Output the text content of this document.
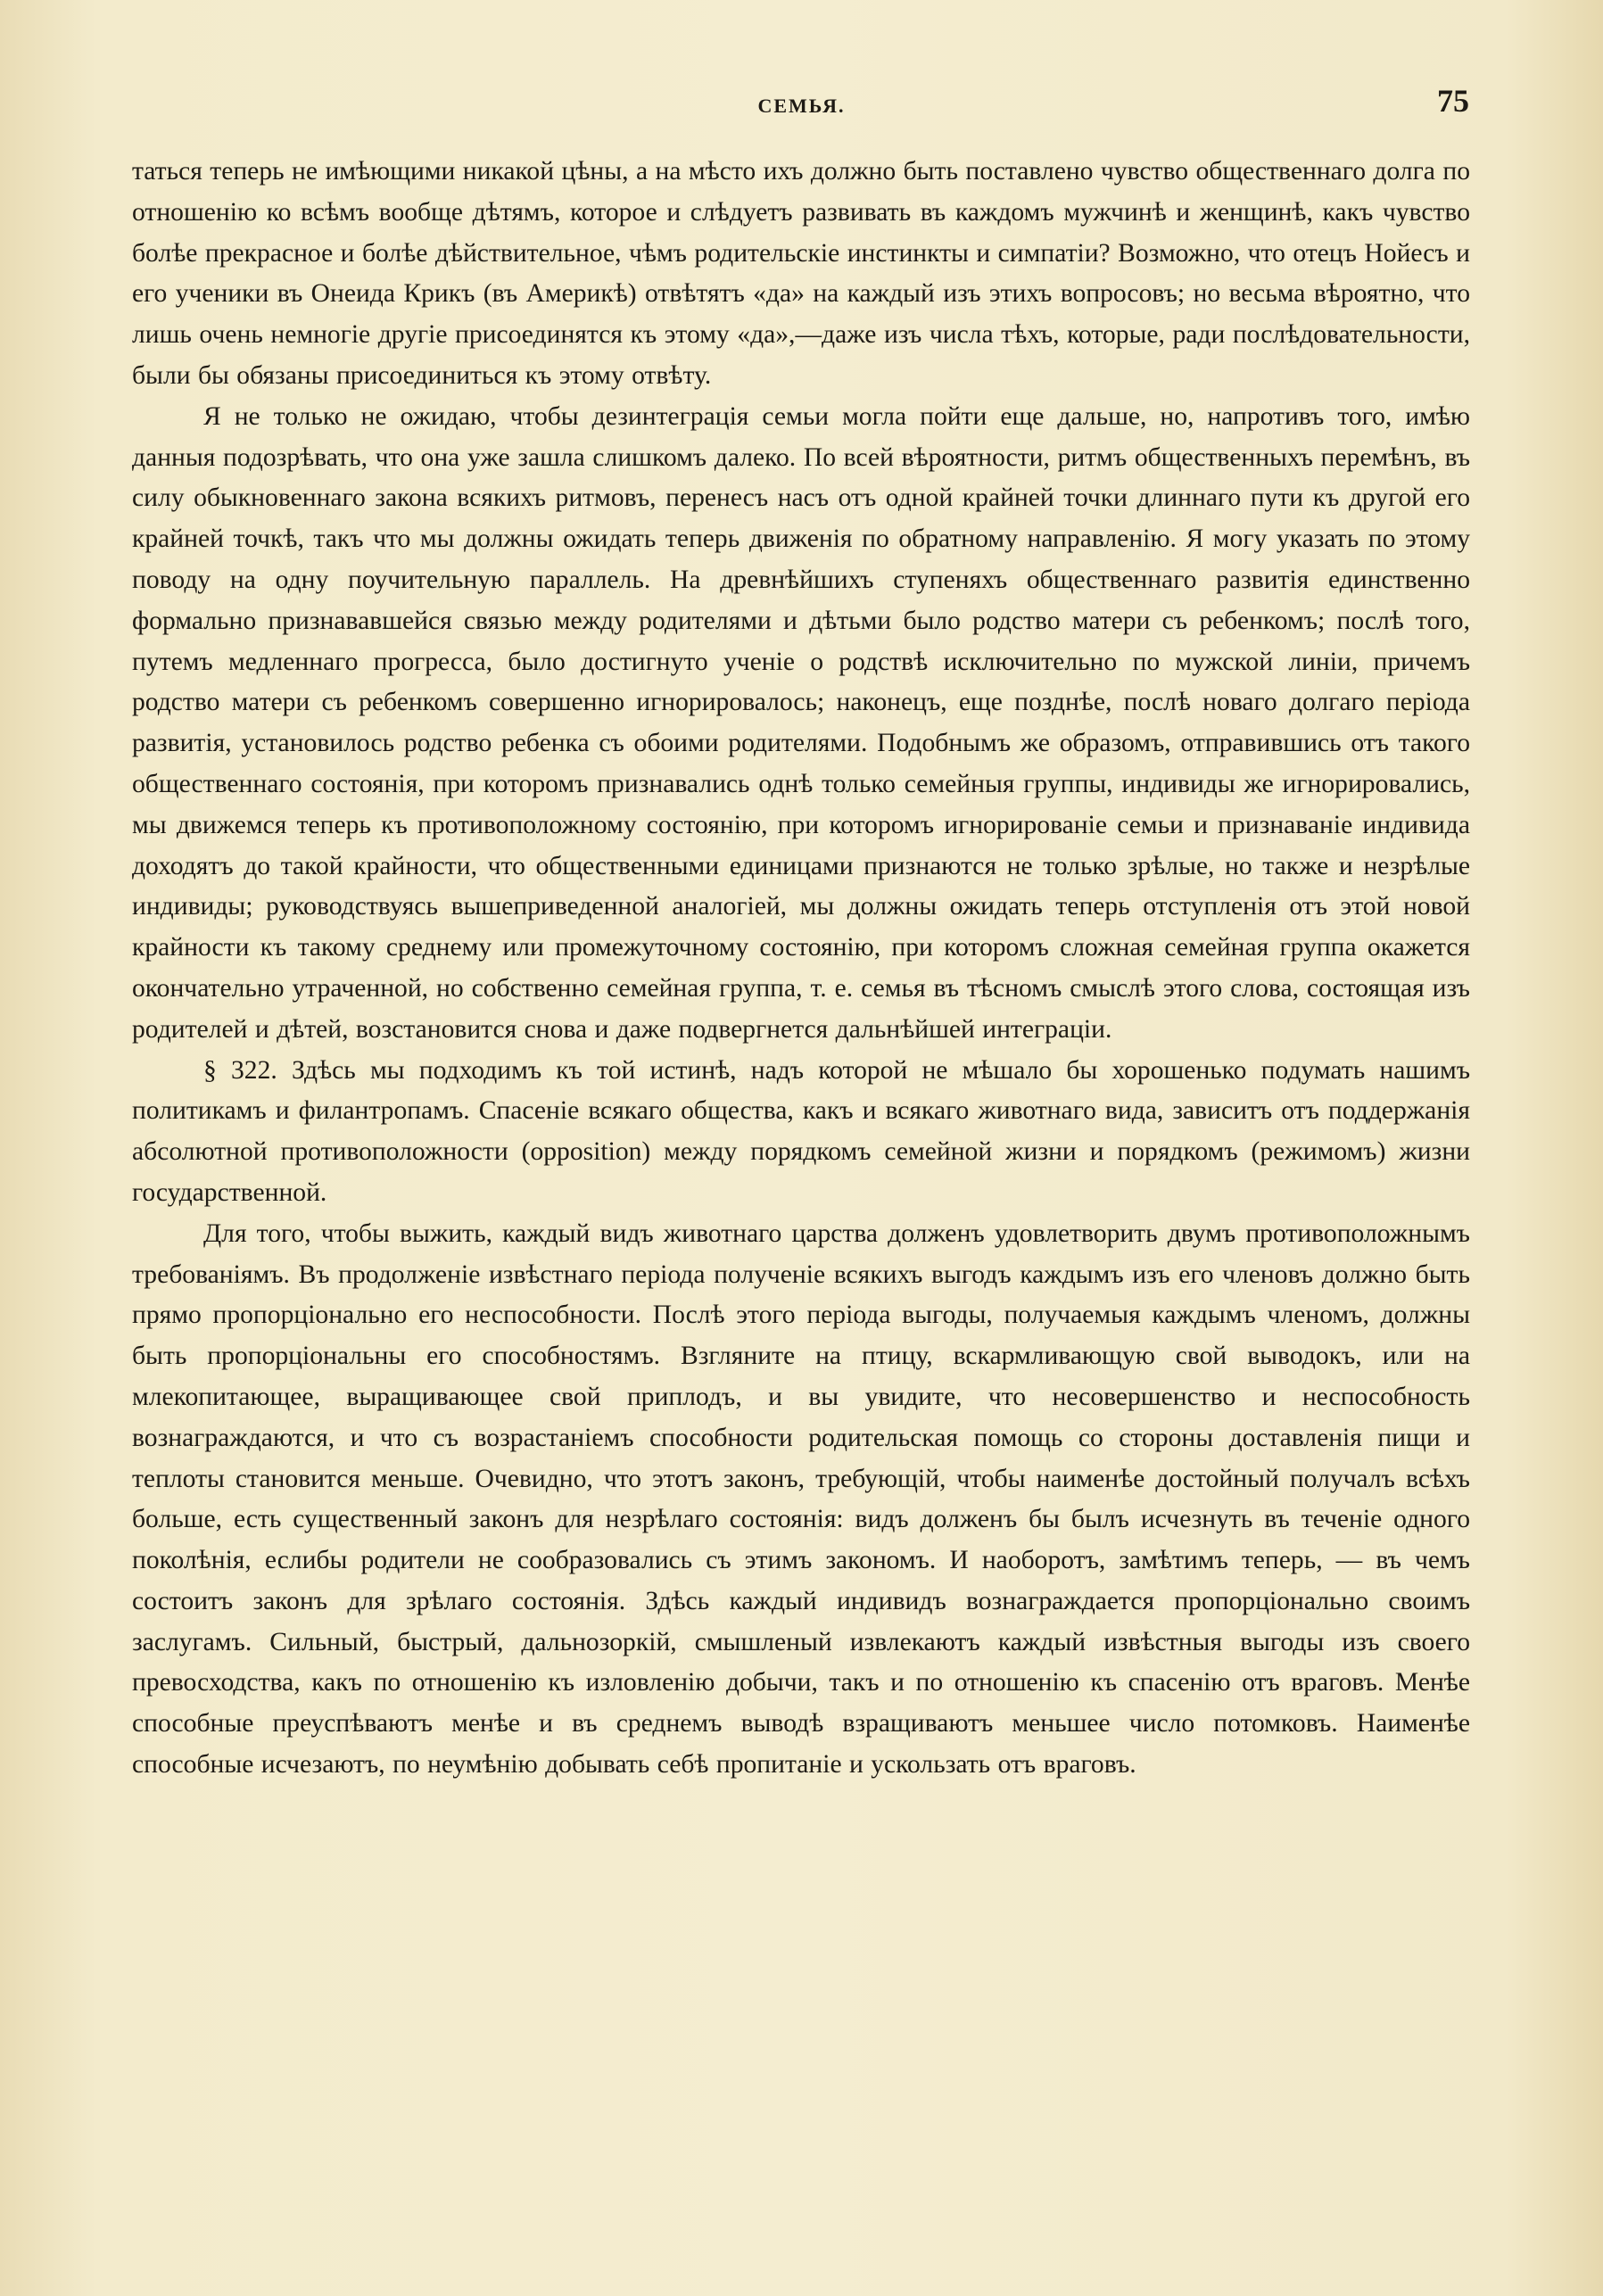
СЕМЬЯ.	75

таться теперь не имѣющими никакой цѣны, а на мѣсто ихъ должно быть поставлено чувство общественнаго долга по отношенію ко всѣмъ вообще дѣтямъ, которое и слѣдуетъ развивать въ каждомъ мужчинѣ и женщинѣ, какъ чувство болѣе прекрасное и болѣе дѣйствительное, чѣмъ родительскіе инстинкты и симпатіи? Возможно, что отецъ Нойесъ и его ученики въ Онеида Крикъ (въ Америкѣ) отвѣтятъ «да» на каждый изъ этихъ вопросовъ; но весьма вѣроятно, что лишь очень немногіе другіе присоединятся къ этому «да»,—даже изъ числа тѣхъ, которые, ради послѣдовательности, были бы обязаны присоединиться къ этому отвѣту.

Я не только не ожидаю, чтобы дезинтеграція семьи могла пойти еще дальше, но, напротивъ того, имѣю данныя подозрѣвать, что она уже зашла слишкомъ далеко. По всей вѣроятности, ритмъ общественныхъ перемѣнъ, въ силу обыкновеннаго закона всякихъ ритмовъ, перенесъ насъ отъ одной крайней точки длиннаго пути къ другой его крайней точкѣ, такъ что мы должны ожидать теперь движенія по обратному направленію. Я могу указать по этому поводу на одну поучительную параллель. На древнѣйшихъ ступеняхъ общественнаго развитія единственно формально признававшейся связью между родителями и дѣтьми было родство матери съ ребенкомъ; послѣ того, путемъ медленнаго прогресса, было достигнуто ученіе о родствѣ исключительно по мужской линіи, причемъ родство матери съ ребенкомъ совершенно игнорировалось; наконецъ, еще позднѣе, послѣ новаго долгаго періода развитія, установилось родство ребенка съ обоими родителями. Подобнымъ же образомъ, отправившись отъ такого общественнаго состоянія, при которомъ признавались однѣ только семейныя группы, индивиды же игнорировались, мы движемся теперь къ противоположному состоянію, при которомъ игнорированіе семьи и признаваніе индивида доходятъ до такой крайности, что общественными единицами признаются не только зрѣлые, но также и незрѣлые индивиды; руководствуясь вышеприведенной аналогіей, мы должны ожидать теперь отступленія отъ этой новой крайности къ такому среднему или промежуточному состоянію, при которомъ сложная семейная группа окажется окончательно утраченной, но собственно семейная группа, т. е. семья въ тѣсномъ смыслѣ этого слова, состоящая изъ родителей и дѣтей, возстановится снова и даже подвергнется дальнѣйшей интеграціи.

§ 322. Здѣсь мы подходимъ къ той истинѣ, надъ которой не мѣшало бы хорошенько подумать нашимъ политикамъ и филантропамъ. Спасеніе всякаго общества, какъ и всякаго животнаго вида, зависитъ отъ поддержанія абсолютной противоположности (opposition) между порядкомъ семейной жизни и порядкомъ (режимомъ) жизни государственной.

Для того, чтобы выжить, каждый видъ животнаго царства долженъ удовлетворить двумъ противоположнымъ требованіямъ. Въ продолженіе извѣстнаго періода полученіе всякихъ выгодъ каждымъ изъ его членовъ должно быть прямо пропорціонально его неспособности. Послѣ этого періода выгоды, получаемыя каждымъ членомъ, должны быть пропорціональны его способностямъ. Взгляните на птицу, вскармливающую свой выводокъ, или на млекопитающее, выращивающее свой приплодъ, и вы увидите, что несовершенство и неспособность вознаграждаются, и что съ возрастаніемъ способности родительская помощь со стороны доставленія пищи и теплоты становится меньше. Очевидно, что этотъ законъ, требующій, чтобы наименѣе достойный получалъ всѣхъ больше, есть существенный законъ для незрѣлаго состоянія: видъ долженъ бы былъ исчезнуть въ теченіе одного поколѣнія, еслибы родители не сообразовались съ этимъ закономъ. И наоборотъ, замѣтимъ теперь, — въ чемъ состоитъ законъ для зрѣлаго состоянія. Здѣсь каждый индивидъ вознаграждается пропорціонально своимъ заслугамъ. Сильный, быстрый, дальнозоркій, смышленый извлекаютъ каждый извѣстныя выгоды изъ своего превосходства, какъ по отношенію къ изловленію добычи, такъ и по отношенію къ спасенію отъ враговъ. Менѣе способные преуспѣваютъ менѣе и въ среднемъ выводѣ взращиваютъ меньшее число потомковъ. Наименѣе способные исчезаютъ, по неумѣнію добывать себѣ пропитаніе и ускользать отъ враговъ.
